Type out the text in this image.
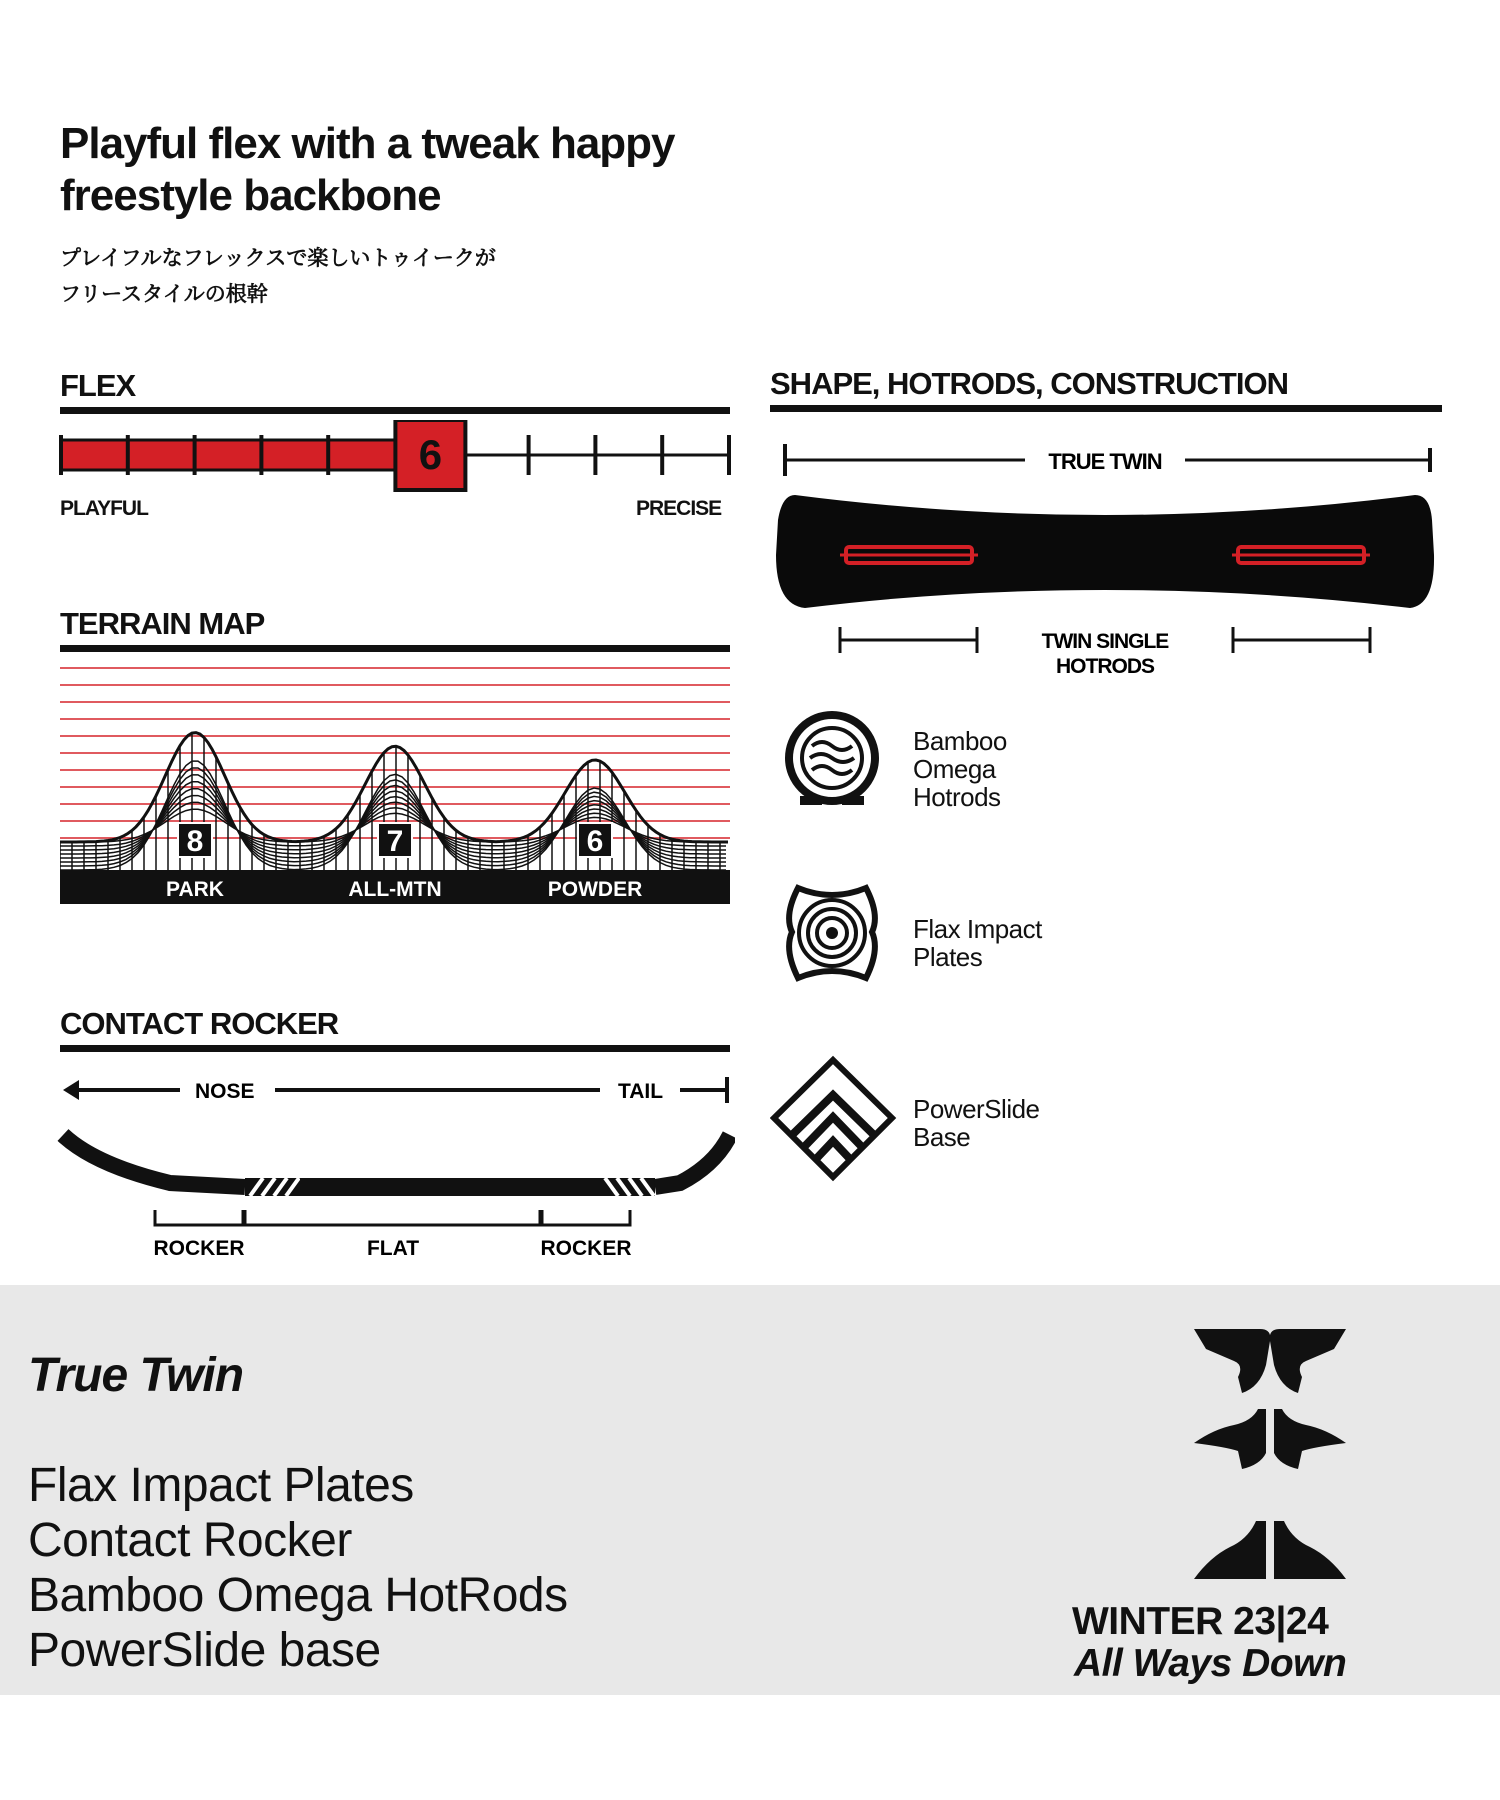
Playful flex with a tweak happy
freestyle backbone
プレイフルなフレックスで楽しいトゥイークが
フリースタイルの根幹
FLEX
6
PLAYFUL	PRECISE
TERRAIN MAP
8
PARK
7
ALL-MTN
6
POWDER
CONTACT ROCKER
NOSE	TAIL
ROCKER	FLAT	ROCKER
SHAPE, HOTRODS, CONSTRUCTION
TRUE TWIN
TWIN SINGLE
HOTRODS
Bamboo
Omega
Hotrods
Flax Impact
Plates
PowerSlide
Base
True Twin
Flax Impact Plates
Contact Rocker
Bamboo Omega HotRods
PowerSlide base
WINTER 23|24
All Ways Down
